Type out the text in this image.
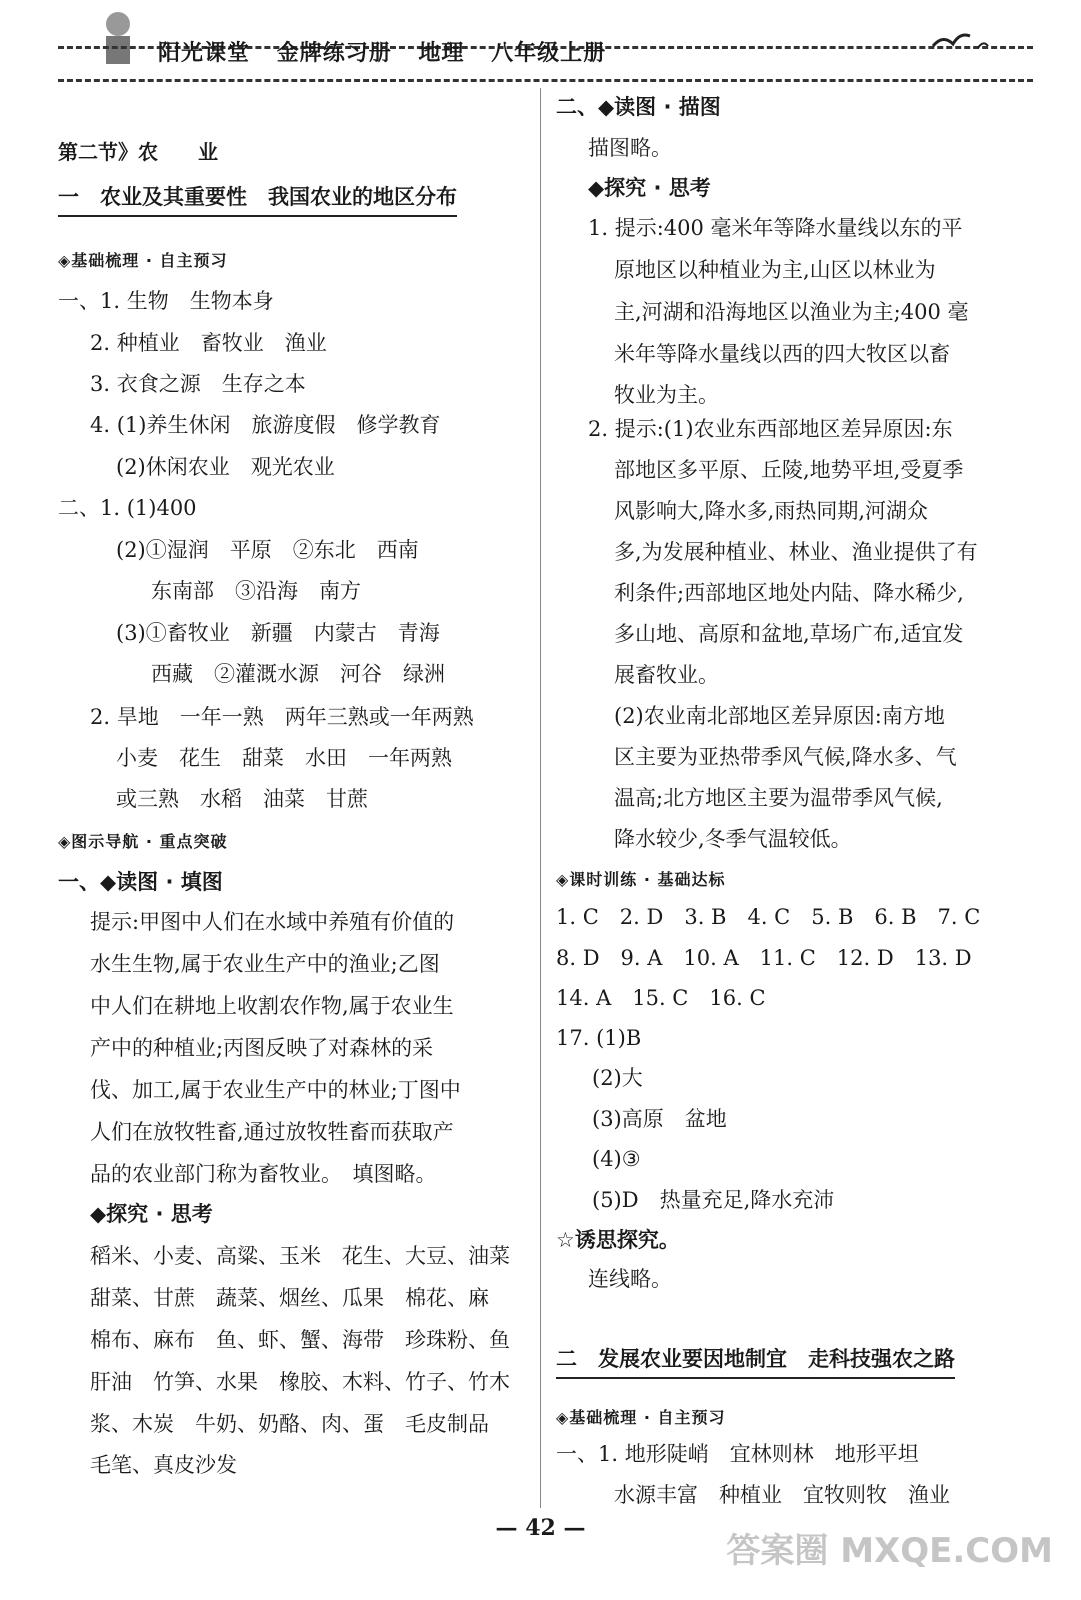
阳光课堂 金牌练习册 地理 八年级上册
第二节》农　　业
一　农业及其重要性　我国农业的地区分布
◈基础梳理 · 自主预习
一、1. 生物　生物本身
2. 种植业　畜牧业　渔业
3. 衣食之源　生存之本
4. (1)养生休闲　旅游度假　修学教育
(2)休闲农业　观光农业
二、1. (1)400
(2)①湿润　平原　②东北　西南
东南部　③沿海　南方
(3)①畜牧业　新疆　内蒙古　青海
西藏　②灌溉水源　河谷　绿洲
2. 旱地　一年一熟　两年三熟或一年两熟
小麦　花生　甜菜　水田　一年两熟
或三熟　水稻　油菜　甘蔗
◈图示导航 · 重点突破
一、◆读图 · 填图
提示:甲图中人们在水域中养殖有价值的
水生生物,属于农业生产中的渔业;乙图
中人们在耕地上收割农作物,属于农业生
产中的种植业;丙图反映了对森林的采
伐、加工,属于农业生产中的林业;丁图中
人们在放牧牲畜,通过放牧牲畜而获取产
品的农业部门称为畜牧业。　填图略。
◆探究 · 思考
稻米、小麦、高粱、玉米　花生、大豆、油菜
甜菜、甘蔗　蔬菜、烟丝、瓜果　棉花、麻
棉布、麻布　鱼、虾、蟹、海带　珍珠粉、鱼
肝油　竹笋、水果　橡胶、木料、竹子、竹木
浆、木炭　牛奶、奶酪、肉、蛋　毛皮制品
毛笔、真皮沙发
二、◆读图 · 描图
描图略。
◆探究 · 思考
1. 提示:400 毫米年等降水量线以东的平
原地区以种植业为主,山区以林业为
主,河湖和沿海地区以渔业为主;400 毫
米年等降水量线以西的四大牧区以畜
牧业为主。
2. 提示:(1)农业东西部地区差异原因:东
部地区多平原、丘陵,地势平坦,受夏季
风影响大,降水多,雨热同期,河湖众
多,为发展种植业、林业、渔业提供了有
利条件;西部地区地处内陆、降水稀少,
多山地、高原和盆地,草场广布,适宜发
展畜牧业。
(2)农业南北部地区差异原因:南方地
区主要为亚热带季风气候,降水多、气
温高;北方地区主要为温带季风气候,
降水较少,冬季气温较低。
◈课时训练 · 基础达标
1. C　2. D　3. B　4. C　5. B　6. B　7. C
8. D　9. A　10. A　11. C　12. D　13. D
14. A　15. C　16. C
17. (1)B
(2)大
(3)高原　盆地
(4)③
(5)D　热量充足,降水充沛
☆诱思探究。
连线略。
二　发展农业要因地制宜　走科技强农之路
◈基础梳理 · 自主预习
一、1. 地形陡峭　宜林则林　地形平坦
水源丰富　种植业　宜牧则牧　渔业
— 42 —
答案圈 MXQE.COM
